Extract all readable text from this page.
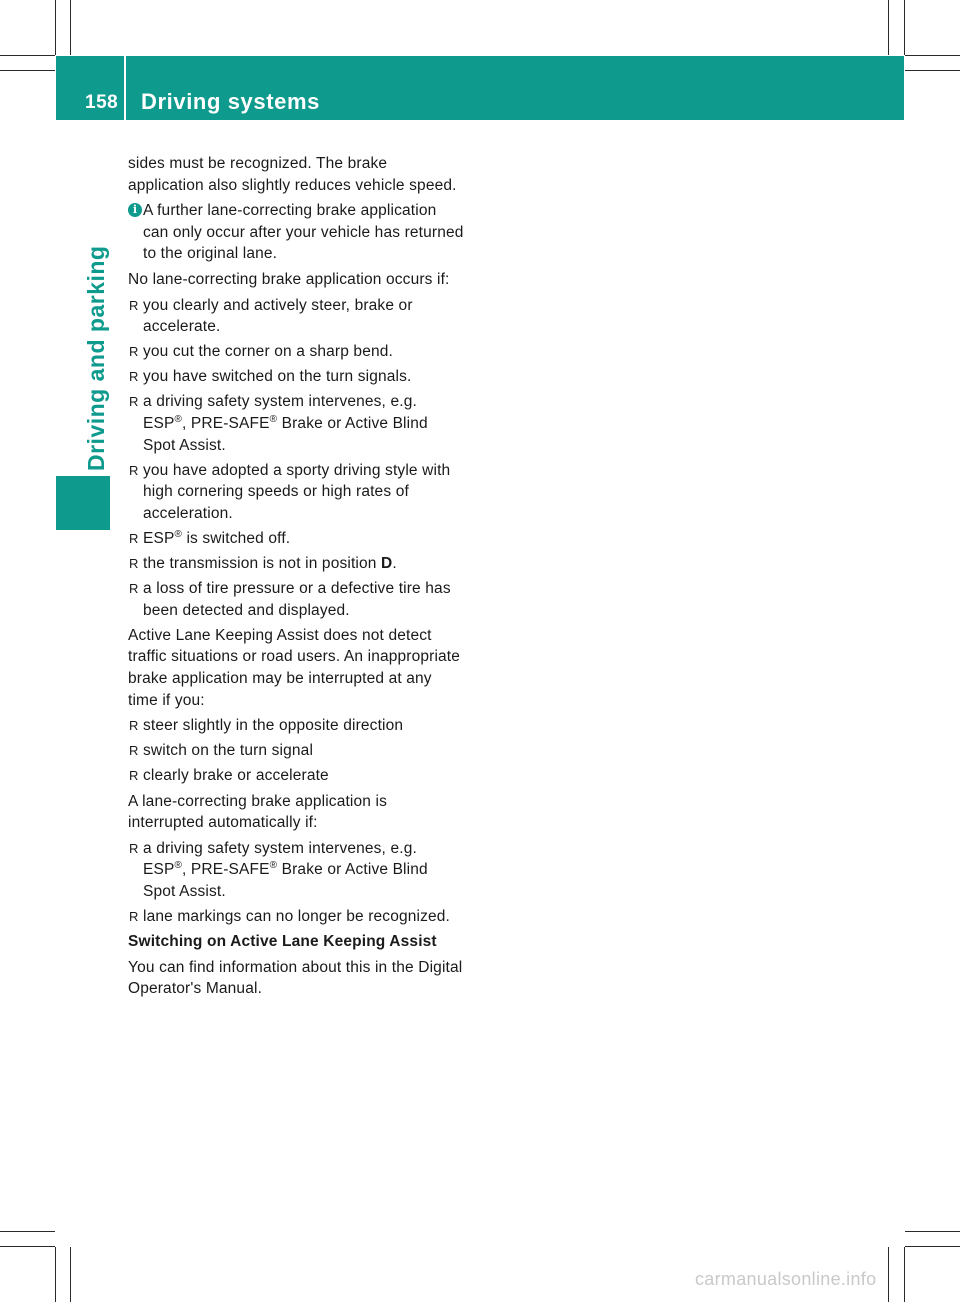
158 Driving systems
Driving and parking

sides must be recognized. The brake application also slightly reduces vehicle speed.

i A further lane-correcting brake application can only occur after your vehicle has returned to the original lane.

No lane-correcting brake application occurs if:

R you clearly and actively steer, brake or accelerate.
R you cut the corner on a sharp bend.
R you have switched on the turn signals.
R a driving safety system intervenes, e.g. ESP®, PRE-SAFE® Brake or Active Blind Spot Assist.
R you have adopted a sporty driving style with high cornering speeds or high rates of acceleration.
R ESP® is switched off.
R the transmission is not in position D.
R a loss of tire pressure or a defective tire has been detected and displayed.

Active Lane Keeping Assist does not detect traffic situations or road users. An inappropriate brake application may be interrupted at any time if you:

R steer slightly in the opposite direction
R switch on the turn signal
R clearly brake or accelerate

A lane-correcting brake application is interrupted automatically if:

R a driving safety system intervenes, e.g. ESP®, PRE-SAFE® Brake or Active Blind Spot Assist.
R lane markings can no longer be recognized.

Switching on Active Lane Keeping Assist

You can find information about this in the Digital Operator's Manual.

carmanualsonline.info
